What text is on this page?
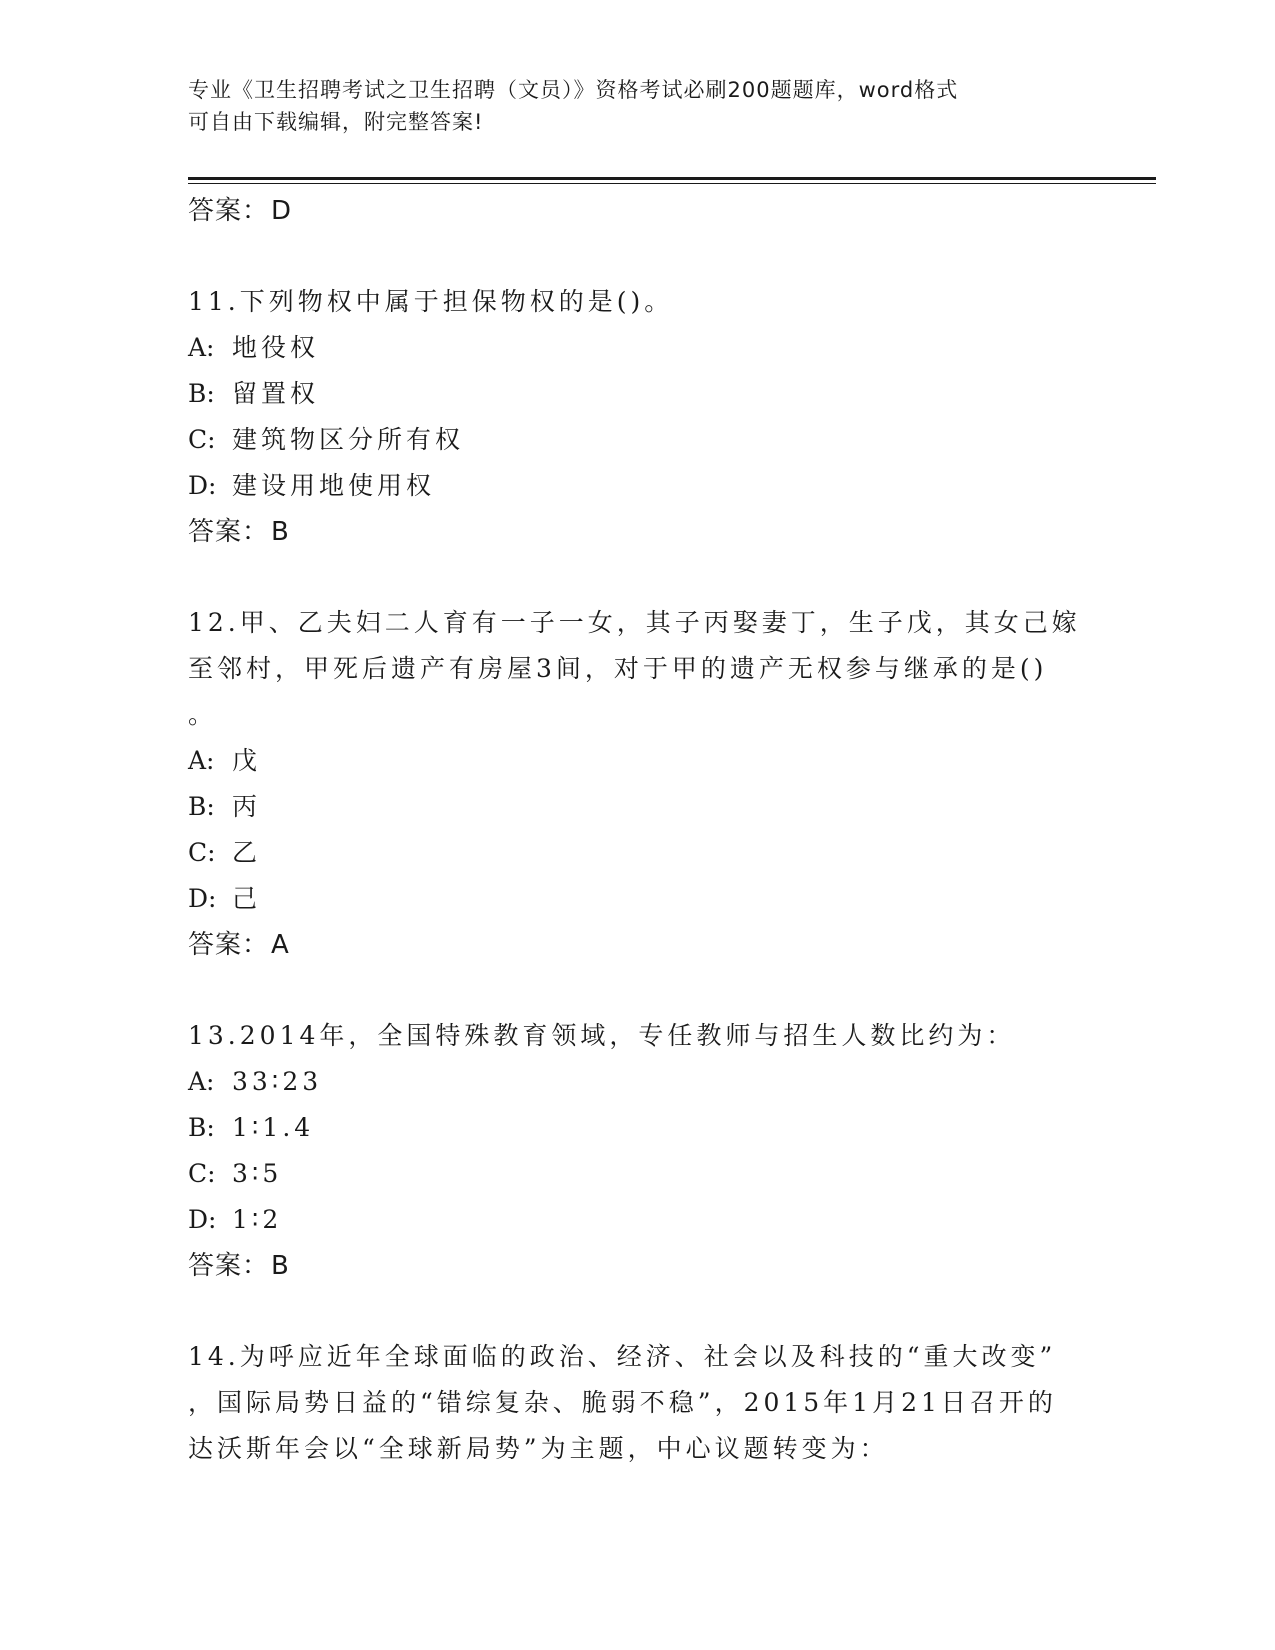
专业《卫生招聘考试之卫生招聘（文员）》资格考试必刷200题题库，word格式
可自由下载编辑，附完整答案!
答案：D
11.下列物权中属于担保物权的是()。
A: 地役权
B: 留置权
C: 建筑物区分所有权
D: 建设用地使用权
答案：B
12.甲、乙夫妇二人育有一子一女，其子丙娶妻丁，生子戊，其女己嫁
至邻村，甲死后遗产有房屋3间，对于甲的遗产无权参与继承的是()
。
A: 戊
B: 丙
C: 乙
D: 己
答案：A
13.2014年，全国特殊教育领域，专任教师与招生人数比约为：
A: 33∶23
B: 1∶1.4
C: 3∶5
D: 1∶2
答案：B
14.为呼应近年全球面临的政治、经济、社会以及科技的“重大改变”
，国际局势日益的“错综复杂、脆弱不稳”，2015年1月21日召开的
达沃斯年会以“全球新局势”为主题，中心议题转变为：
